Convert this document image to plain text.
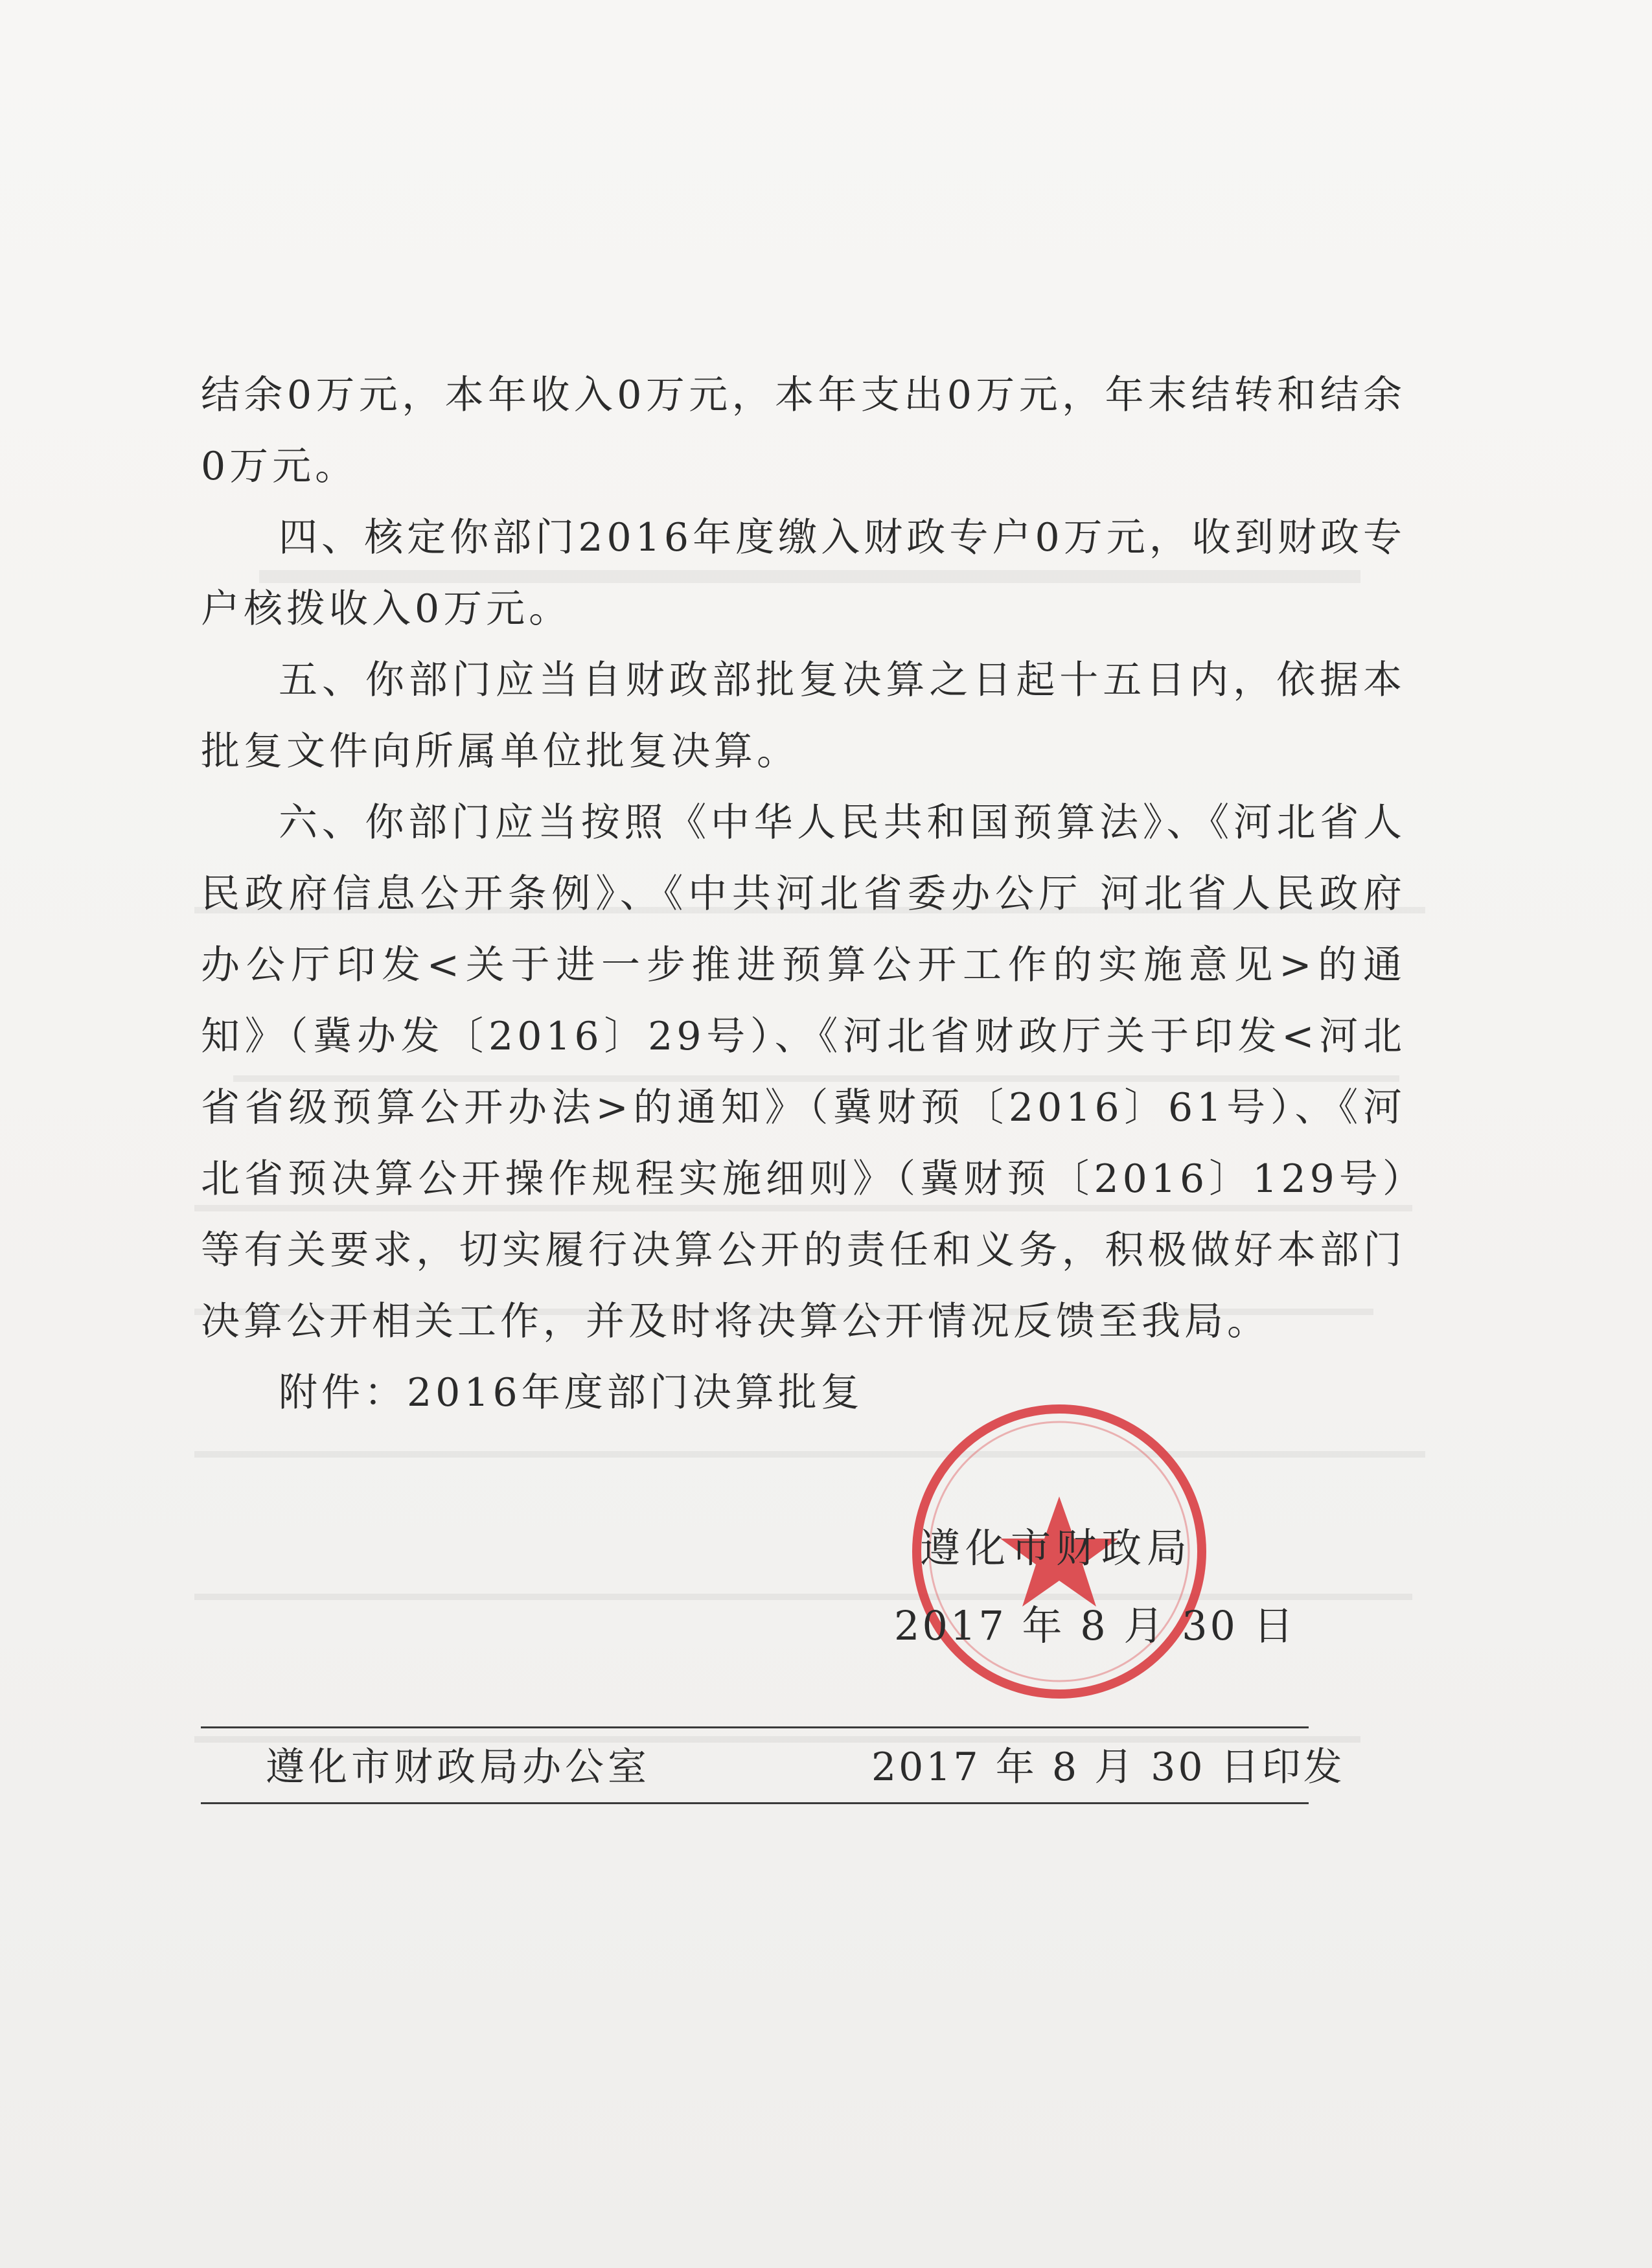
结余0万元，本年收入0万元，本年支出0万元，年末结转和结余0万元。

四、核定你部门2016年度缴入财政专户0万元，收到财政专户核拨收入0万元。

五、你部门应当自财政部批复决算之日起十五日内，依据本批复文件向所属单位批复决算。

六、你部门应当按照《中华人民共和国预算法》、《河北省人民政府信息公开条例》、《中共河北省委办公厅 河北省人民政府办公厅印发<关于进一步推进预算公开工作的实施意见>的通知》（冀办发〔2016〕29号）、《河北省财政厅关于印发<河北省省级预算公开办法>的通知》（冀财预〔2016〕61号）、《河北省预决算公开操作规程实施细则》（冀财预〔2016〕129号）等有关要求，切实履行决算公开的责任和义务，积极做好本部门决算公开相关工作，并及时将决算公开情况反馈至我局。

附件：2016年度部门决算批复

遵化市财政局
2017 年 8 月 30 日
遵化市财政局办公室	2017 年 8 月 30 日印发
